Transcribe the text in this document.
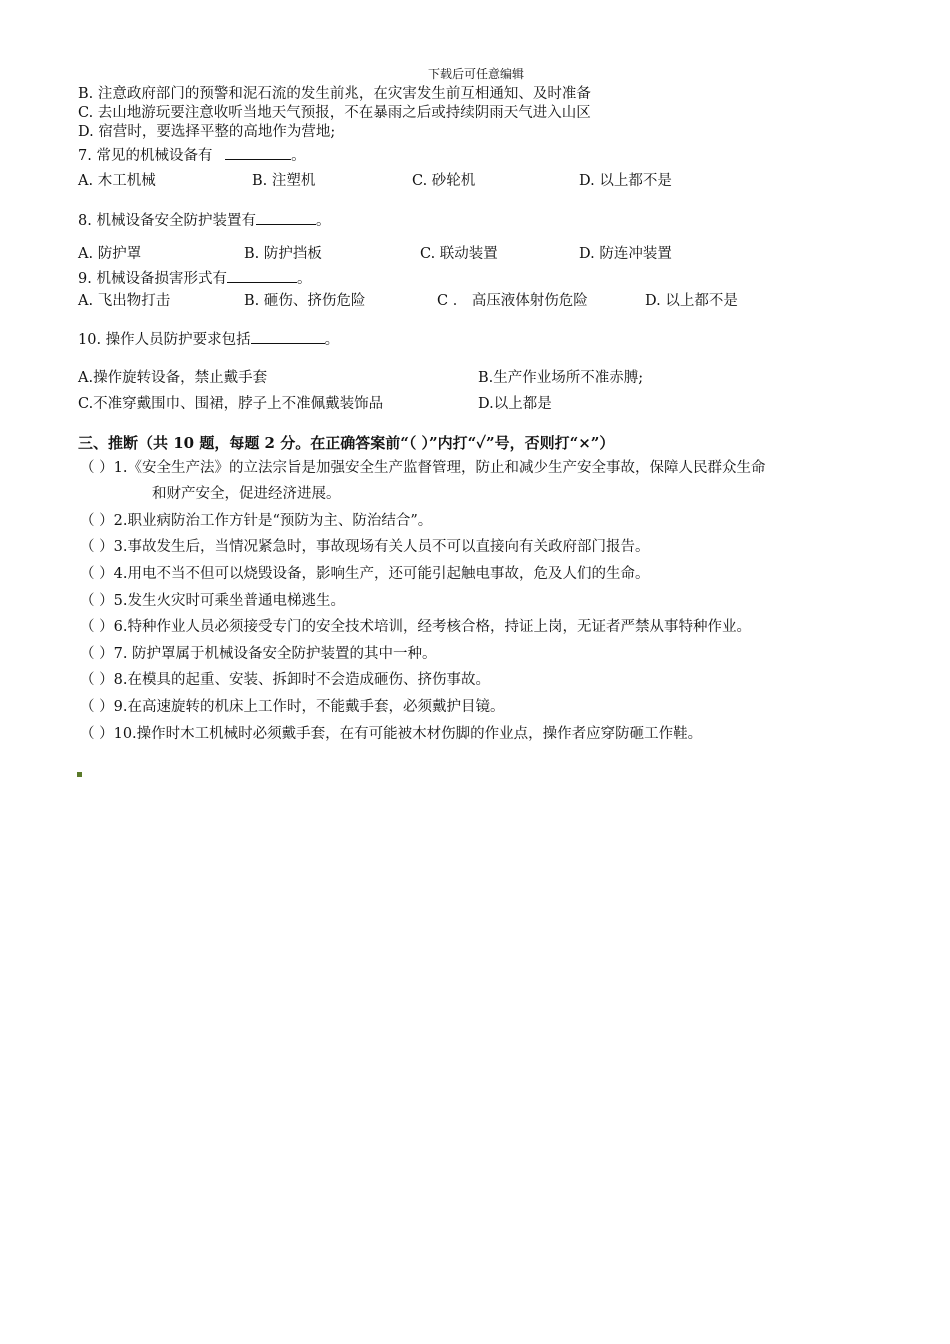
下载后可任意编辑
B. 注意政府部门的预警和泥石流的发生前兆，在灾害发生前互相通知、及时准备
C. 去山地游玩要注意收听当地天气预报，不在暴雨之后或持续阴雨天气进入山区
D. 宿营时，要选择平整的高地作为营地;
7. 常见的机械设备有	。
A. 木工机械	B. 注塑机	C. 砂轮机	D. 以上都不是
8. 机械设备安全防护装置有	。
A. 防护罩	B. 防护挡板	C. 联动装置	D. 防连冲装置
9. 机械设备损害形式有	。
A. 飞出物打击	B. 砸伤、挤伤危险	C ． 高压液体射伤危险	D. 以上都不是
10. 操作人员防护要求包括	。
A.操作旋转设备，禁止戴手套	B.生产作业场所不准赤膊;
C.不准穿戴围巾、围裙，脖子上不准佩戴装饰品	D.以上都是
三、推断（共 10 题，每题 2 分。在正确答案前“（ ）”内打“✓”号，否则打“×”）
（ ）1.《安全生产法》的立法宗旨是加强安全生产监督管理，防止和减少生产安全事故，保障人民群众生命
和财产安全，促进经济进展。
（ ）2.职业病防治工作方针是“预防为主、防治结合”。
（ ）3.事故发生后，当情况紧急时，事故现场有关人员不可以直接向有关政府部门报告。
（ ）4.用电不当不但可以烧毁设备，影响生产，还可能引起触电事故，危及人们的生命。
（ ）5.发生火灾时可乘坐普通电梯逃生。
（ ）6.特种作业人员必须接受专门的安全技术培训，经考核合格，持证上岗，无证者严禁从事特种作业。
（ ）7. 防护罩属于机械设备安全防护装置的其中一种。
（ ）8.在模具的起重、安装、拆卸时不会造成砸伤、挤伤事故。
（ ）9.在高速旋转的机床上工作时，不能戴手套，必须戴护目镜。
（ ）10.操作时木工机械时必须戴手套，在有可能被木材伤脚的作业点，操作者应穿防砸工作鞋。
